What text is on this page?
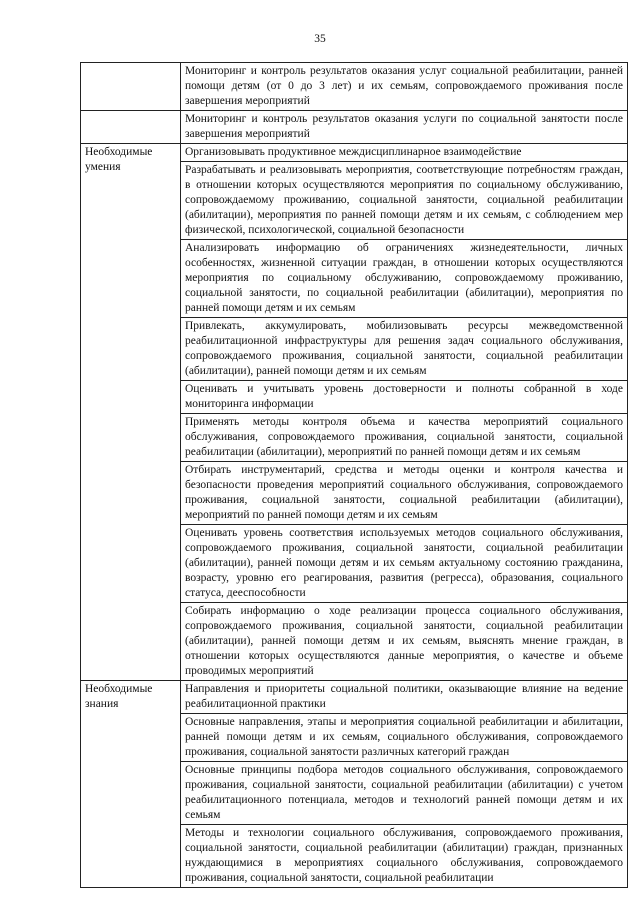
35
	Мониторинг и контроль результатов оказания услуг социальной реабилитации, ранней помощи детям (от 0 до 3 лет) и их семьям, сопровождаемого проживания после завершения мероприятий
	Мониторинг и контроль результатов оказания услуги по социальной занятости после завершения мероприятий
Необходимые умения	Организовывать продуктивное междисциплинарное взаимодействие
	Разрабатывать и реализовывать мероприятия, соответствующие потребностям граждан, в отношении которых осуществляются мероприятия по социальному обслуживанию, сопровождаемому проживанию, социальной занятости, социальной реабилитации (абилитации), мероприятия по ранней помощи детям и их семьям, с соблюдением мер физической, психологической, социальной безопасности
	Анализировать информацию об ограничениях жизнедеятельности, личных особенностях, жизненной ситуации граждан, в отношении которых осуществляются мероприятия по социальному обслуживанию, сопровождаемому проживанию, социальной занятости, по социальной реабилитации (абилитации), мероприятия по ранней помощи детям и их семьям
	Привлекать, аккумулировать, мобилизовывать ресурсы межведомственной реабилитационной инфраструктуры для решения задач социального обслуживания, сопровождаемого проживания, социальной занятости, социальной реабилитации (абилитации), ранней помощи детям и их семьям
	Оценивать и учитывать уровень достоверности и полноты собранной в ходе мониторинга информации
	Применять методы контроля объема и качества мероприятий социального обслуживания, сопровождаемого проживания, социальной занятости, социальной реабилитации (абилитации), мероприятий по ранней помощи детям и их семьям
	Отбирать инструментарий, средства и методы оценки и контроля качества и безопасности проведения мероприятий социального обслуживания, сопровождаемого проживания, социальной занятости, социальной реабилитации (абилитации), мероприятий по ранней помощи детям и их семьям
	Оценивать уровень соответствия используемых методов социального обслуживания, сопровождаемого проживания, социальной занятости, социальной реабилитации (абилитации), ранней помощи детям и их семьям актуальному состоянию гражданина, возрасту, уровню его реагирования, развития (регресса), образования, социального статуса, дееспособности
	Собирать информацию о ходе реализации процесса социального обслуживания, сопровождаемого проживания, социальной занятости, социальной реабилитации (абилитации), ранней помощи детям и их семьям, выяснять мнение граждан, в отношении которых осуществляются данные мероприятия, о качестве и объеме проводимых мероприятий
Необходимые знания	Направления и приоритеты социальной политики, оказывающие влияние на ведение реабилитационной практики
	Основные направления, этапы и мероприятия социальной реабилитации и абилитации, ранней помощи детям и их семьям, социального обслуживания, сопровождаемого проживания, социальной занятости различных категорий граждан
	Основные принципы подбора методов социального обслуживания, сопровождаемого проживания, социальной занятости, социальной реабилитации (абилитации) с учетом реабилитационного потенциала, методов и технологий ранней помощи детям и их семьям
	Методы и технологии социального обслуживания, сопровождаемого проживания, социальной занятости, социальной реабилитации (абилитации) граждан, признанных нуждающимися в мероприятиях социального обслуживания, сопровождаемого проживания, социальной занятости, социальной реабилитации
